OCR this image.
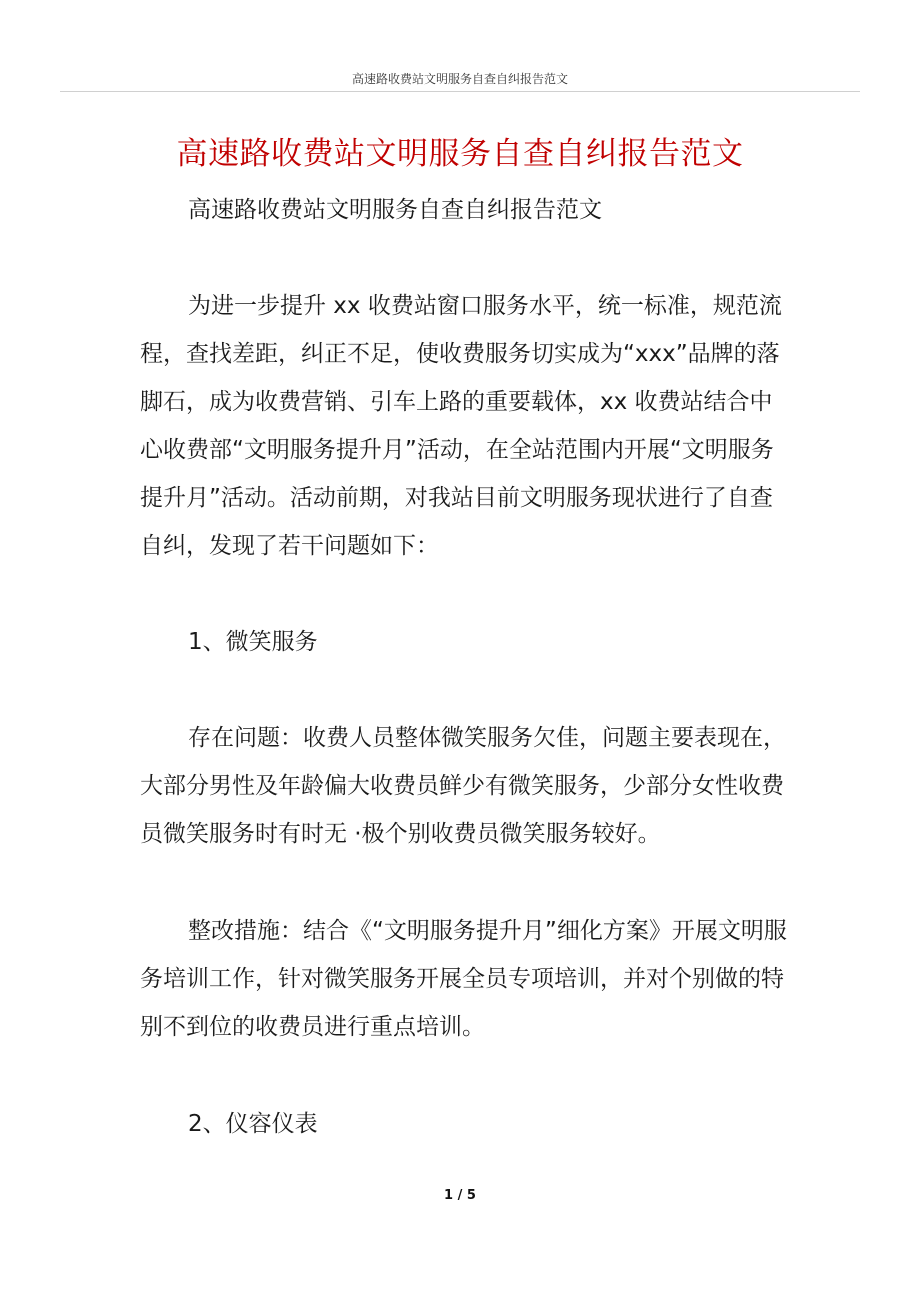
高速路收费站文明服务自查自纠报告范文
高速路收费站文明服务自查自纠报告范文
高速路收费站文明服务自查自纠报告范文

为进一步提升 xx 收费站窗口服务水平，统一标准，规范流程，查找差距，纠正不足，使收费服务切实成为“xxx”品牌的落脚石，成为收费营销、引车上路的重要载体，xx 收费站结合中心收费部“文明服务提升月”活动，在全站范围内开展“文明服务提升月”活动。活动前期，对我站目前文明服务现状进行了自查自纠，发现了若干问题如下：

1、微笑服务

存在问题：收费人员整体微笑服务欠佳，问题主要表现在，大部分男性及年龄偏大收费员鲜少有微笑服务，少部分女性收费员微笑服务时有时无 ·极个别收费员微笑服务较好。

整改措施：结合《“文明服务提升月”细化方案》开展文明服务培训工作，针对微笑服务开展全员专项培训，并对个别做的特别不到位的收费员进行重点培训。

2、仪容仪表

1 / 5
